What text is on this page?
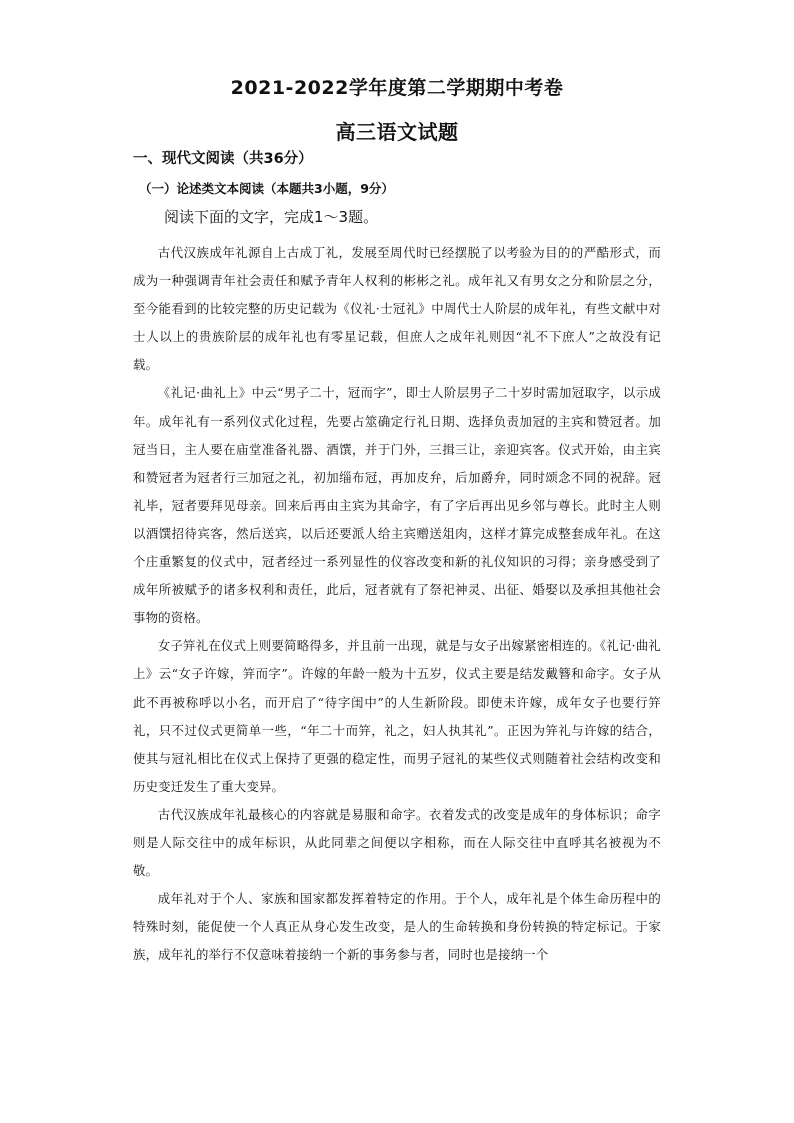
2021-2022学年度第二学期期中考卷
高三语文试题
一、现代文阅读（共36分）
（一）论述类文本阅读（本题共3小题，9分）

阅读下面的文字，完成1～3题。

古代汉族成年礼源自上古成丁礼，发展至周代时已经摆脱了以考验为目的的严酷形式，而成为一种强调青年社会责任和赋予青年人权利的彬彬之礼。成年礼又有男女之分和阶层之分，至今能看到的比较完整的历史记载为《仪礼·士冠礼》中周代士人阶层的成年礼，有些文献中对士人以上的贵族阶层的成年礼也有零星记载，但庶人之成年礼则因“礼不下庶人”之故没有记载。

《礼记·曲礼上》中云“男子二十，冠而字”，即士人阶层男子二十岁时需加冠取字，以示成年。成年礼有一系列仪式化过程，先要占筮确定行礼日期、选择负责加冠的主宾和赞冠者。加冠当日，主人要在庙堂准备礼器、酒馔，并于门外，三揖三让，亲迎宾客。仪式开始，由主宾和赞冠者为冠者行三加冠之礼，初加缁布冠，再加皮弁，后加爵弁，同时颂念不同的祝辞。冠礼毕，冠者要拜见母亲。回来后再由主宾为其命字，有了字后再出见乡邻与尊长。此时主人则以酒馔招待宾客，然后送宾，以后还要派人给主宾赠送俎肉，这样才算完成整套成年礼。在这个庄重繁复的仪式中，冠者经过一系列显性的仪容改变和新的礼仪知识的习得；亲身感受到了成年所被赋予的诸多权利和责任，此后，冠者就有了祭祀神灵、出征、婚娶以及承担其他社会事物的资格。

女子笄礼在仪式上则要简略得多，并且前一出现，就是与女子出嫁紧密相连的。《礼记·曲礼上》云“女子许嫁，笄而字”。许嫁的年龄一般为十五岁，仪式主要是结发戴簪和命字。女子从此不再被称呼以小名，而开启了“待字闺中”的人生新阶段。即使未许嫁，成年女子也要行笄礼，只不过仪式更简单一些，“年二十而笄，礼之，妇人执其礼”。正因为笄礼与许嫁的结合，使其与冠礼相比在仪式上保持了更强的稳定性，而男子冠礼的某些仪式则随着社会结构改变和历史变迁发生了重大变异。

古代汉族成年礼最核心的内容就是易服和命字。衣着发式的改变是成年的身体标识；命字则是人际交往中的成年标识，从此同辈之间便以字相称，而在人际交往中直呼其名被视为不敬。

成年礼对于个人、家族和国家都发挥着特定的作用。于个人，成年礼是个体生命历程中的特殊时刻，能促使一个人真正从身心发生改变，是人的生命转换和身份转换的特定标记。于家族，成年礼的举行不仅意味着接纳一个新的事务参与者，同时也是接纳一个
